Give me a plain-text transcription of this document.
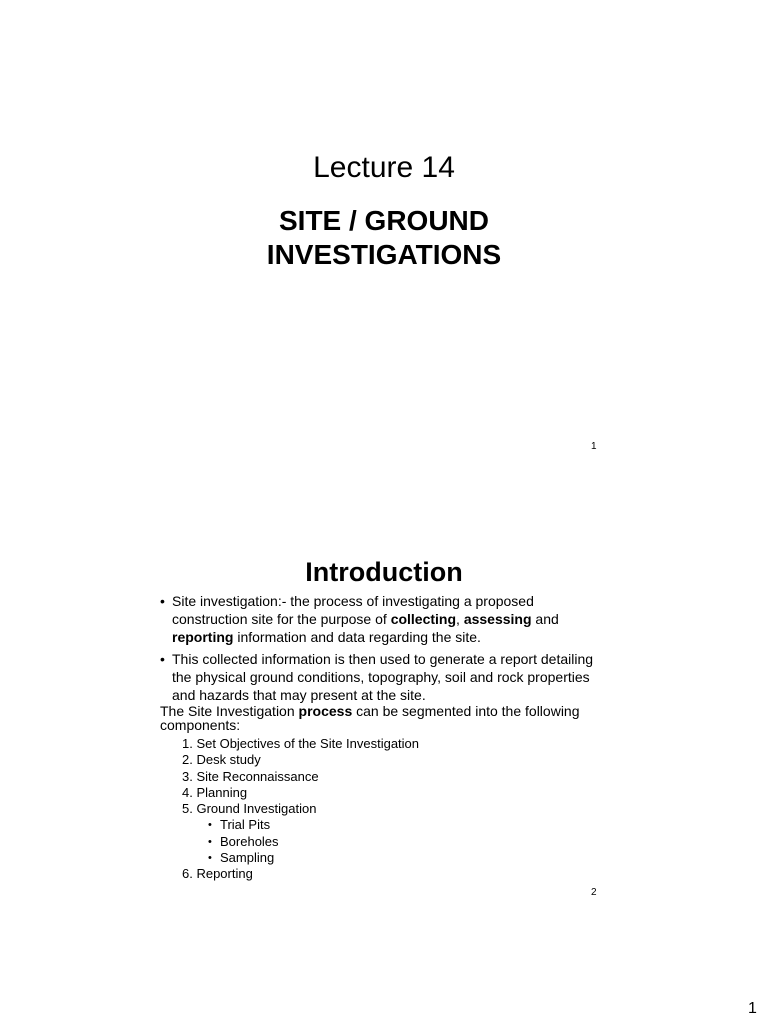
Lecture 14
SITE / GROUND
INVESTIGATIONS
1
Introduction
• Site investigation:- the process of investigating a proposed construction site for the purpose of collecting, assessing and reporting information and data regarding the site.
• This collected information is then used to generate a report detailing the physical ground conditions, topography, soil and rock properties and hazards that may present at the site.
The Site Investigation process can be segmented into the following components:
1. Set Objectives of the Site Investigation
2. Desk study
3. Site Reconnaissance
4. Planning
5. Ground Investigation
• Trial Pits
• Boreholes
• Sampling
6. Reporting
2
1
